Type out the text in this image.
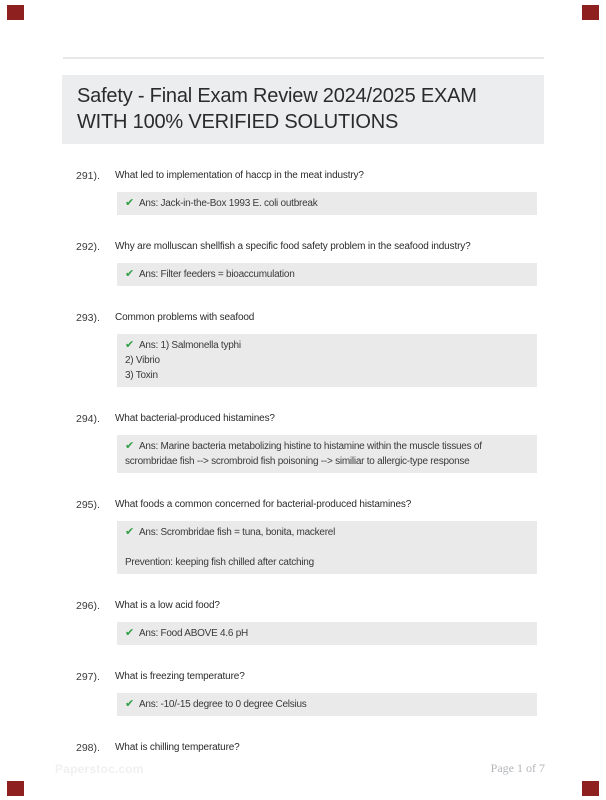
Safety - Final Exam Review 2024/2025 EXAM WITH 100% VERIFIED SOLUTIONS
291).	What led to implementation of haccp in the meat industry?
✔ Ans: Jack-in-the-Box 1993 E. coli outbreak
292).	Why are molluscan shellfish a specific food safety problem in the seafood industry?
✔ Ans: Filter feeders = bioaccumulation
293).	Common problems with seafood
✔ Ans: 1) Salmonella typhi
2) Vibrio
3) Toxin
294).	What bacterial-produced histamines?
✔ Ans: Marine bacteria metabolizing histine to histamine within the muscle tissues of scrombridae fish --> scrombroid fish poisoning --> similiar to allergic-type response
295).	What foods a common concerned for bacterial-produced histamines?
✔ Ans: Scrombridae fish = tuna, bonita, mackerel

Prevention: keeping fish chilled after catching
296).	What is a low acid food?
✔ Ans: Food ABOVE 4.6 pH
297).	What is freezing temperature?
✔ Ans: -10/-15 degree to 0 degree Celsius
298).	What is chilling temperature?
Paperstoc.com	Page 1 of 7
